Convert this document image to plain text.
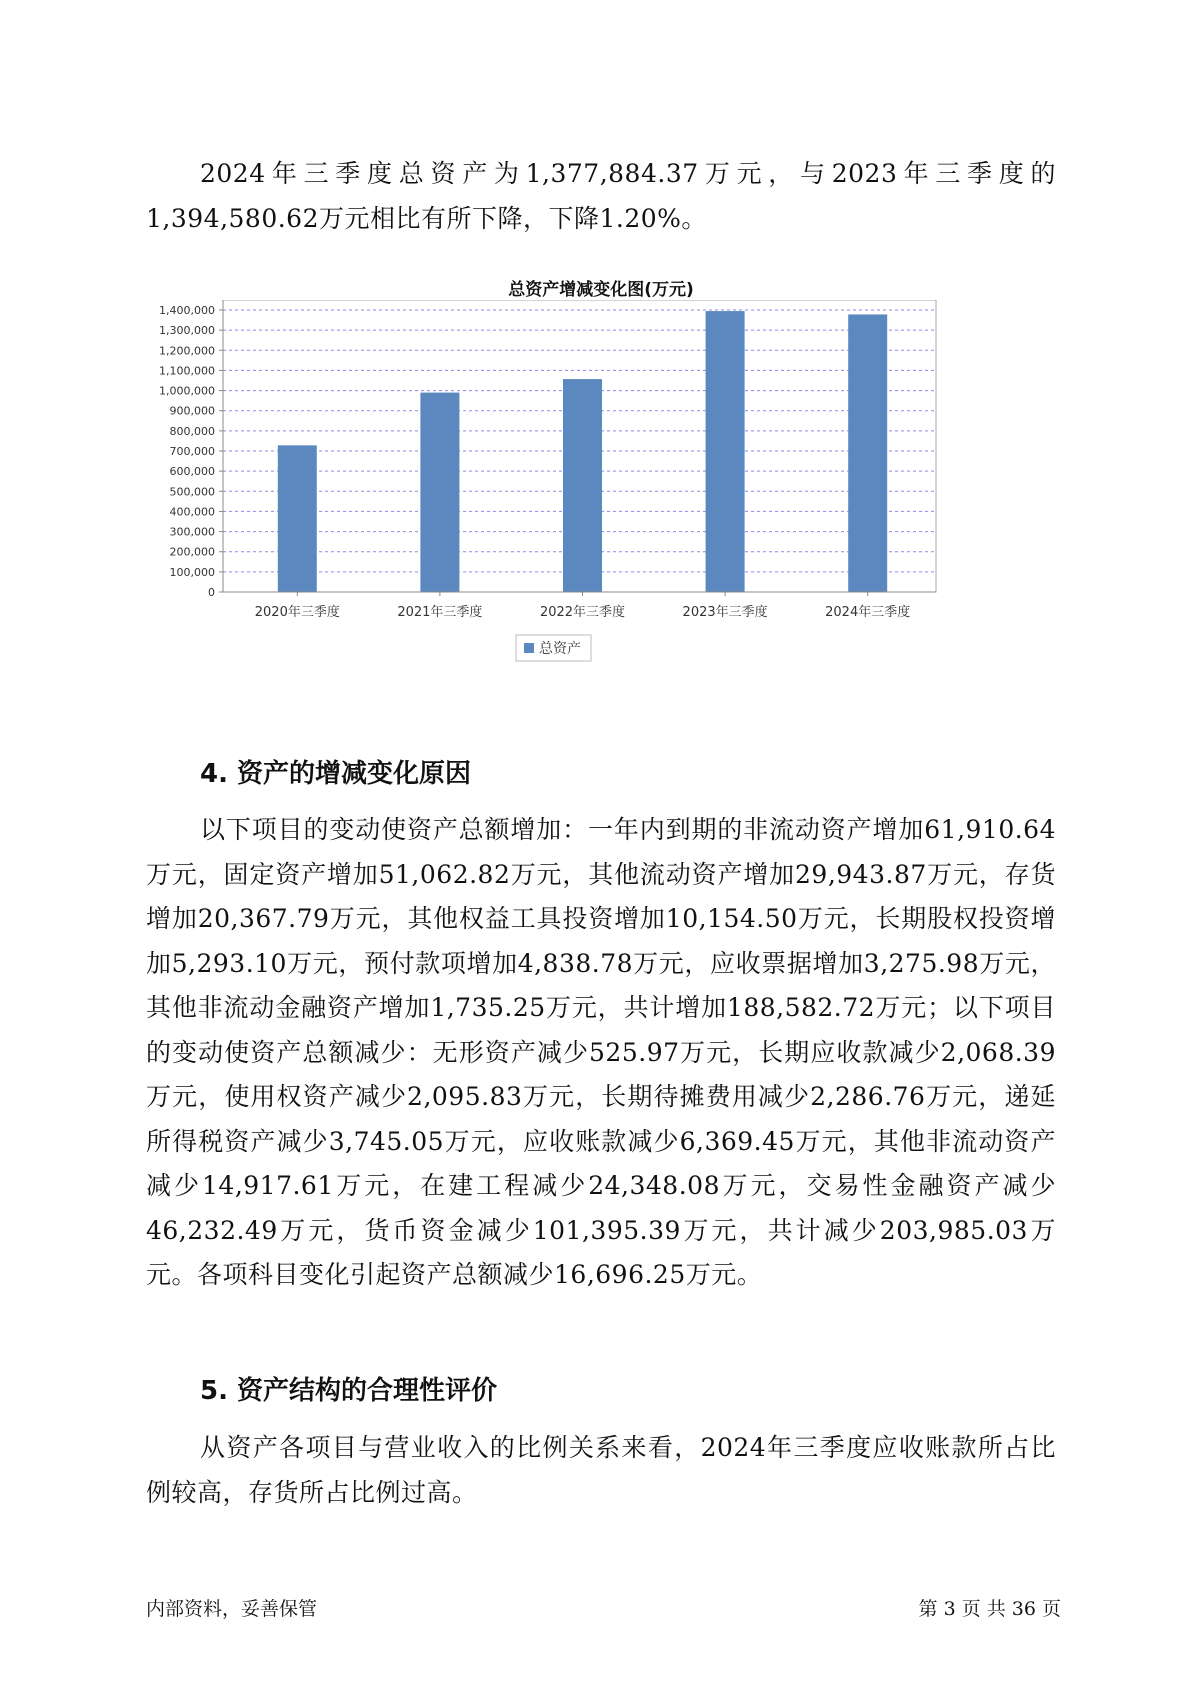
2024年三季度总资产为1,377,884.37万元，与2023年三季度的1,394,580.62万元相比有所下降，下降1.20%。

总资产增减变化图(万元)

0
100,000
200,000
300,000
400,000
500,000
600,000
700,000
800,000
900,000
1,000,000
1,100,000
1,200,000
1,300,000
1,400,000
2020年三季度	2021年三季度	2022年三季度	2023年三季度	2024年三季度
总资产
4. 资产的增减变化原因

以下项目的变动使资产总额增加：一年内到期的非流动资产增加61,910.64万元，固定资产增加51,062.82万元，其他流动资产增加29,943.87万元，存货增加20,367.79万元，其他权益工具投资增加10,154.50万元，长期股权投资增加5,293.10万元，预付款项增加4,838.78万元，应收票据增加3,275.98万元，其他非流动金融资产增加1,735.25万元，共计增加188,582.72万元；以下项目的变动使资产总额减少：无形资产减少525.97万元，长期应收款减少2,068.39万元，使用权资产减少2,095.83万元，长期待摊费用减少2,286.76万元，递延所得税资产减少3,745.05万元，应收账款减少6,369.45万元，其他非流动资产减少14,917.61万元，在建工程减少24,348.08万元，交易性金融资产减少46,232.49万元，货币资金减少101,395.39万元，共计减少203,985.03万元。各项科目变化引起资产总额减少16,696.25万元。

5. 资产结构的合理性评价

从资产各项目与营业收入的比例关系来看，2024年三季度应收账款所占比例较高，存货所占比例过高。

内部资料，妥善保管	第 3 页 共 36 页
